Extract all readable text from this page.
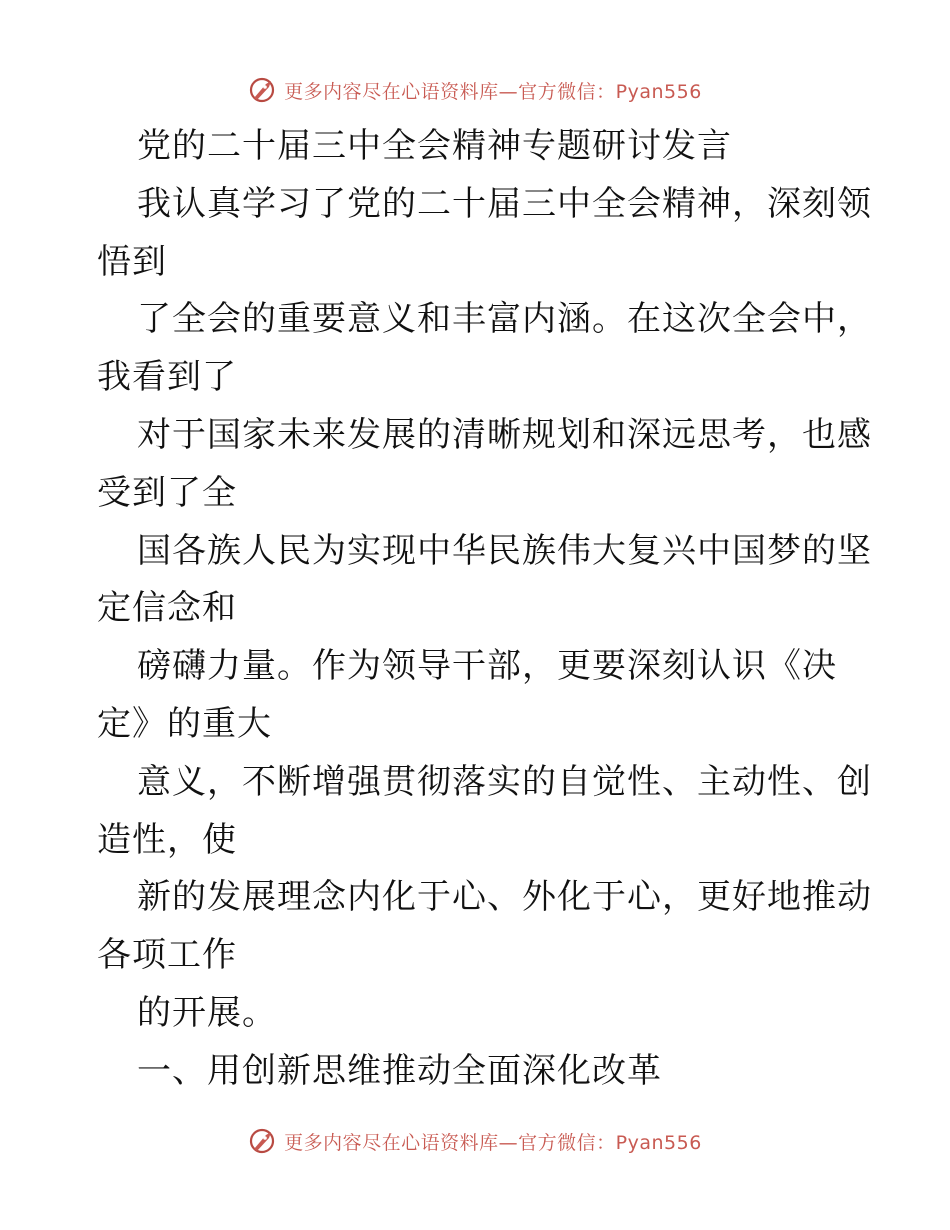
更多内容尽在心语资料库—官方微信：Pyan556
党的二十届三中全会精神专题研讨发言
我认真学习了党的二十届三中全会精神，深刻领
悟到
了全会的重要意义和丰富内涵。在这次全会中，
我看到了
对于国家未来发展的清晰规划和深远思考，也感
受到了全
国各族人民为实现中华民族伟大复兴中国梦的坚
定信念和
磅礴力量。作为领导干部，更要深刻认识《决
定》的重大
意义，不断增强贯彻落实的自觉性、主动性、创
造性，使
新的发展理念内化于心、外化于心，更好地推动
各项工作
的开展。
一、用创新思维推动全面深化改革
更多内容尽在心语资料库—官方微信：Pyan556
